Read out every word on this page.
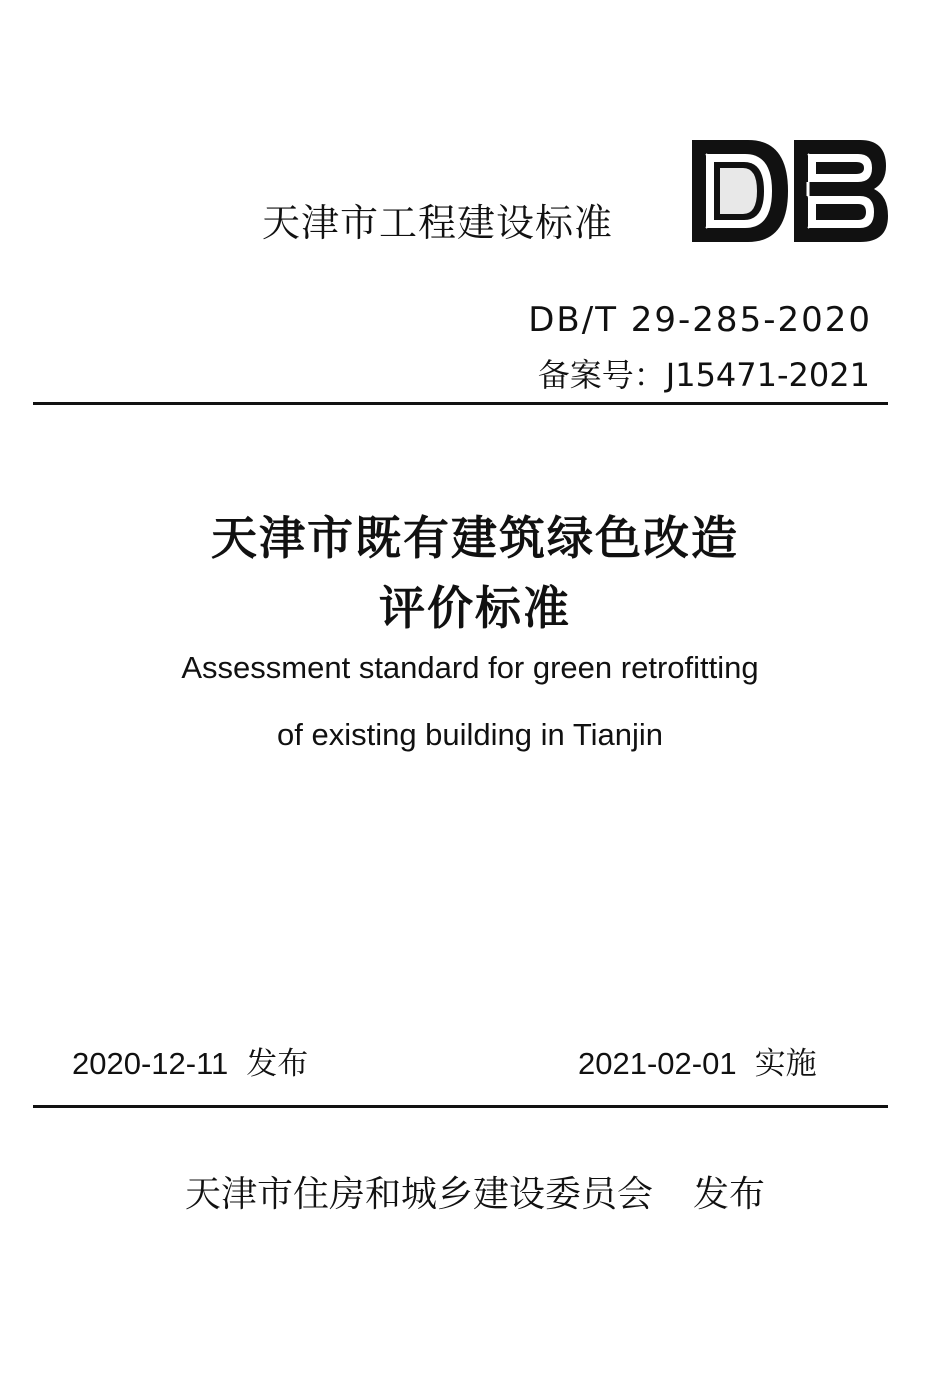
天津市工程建设标准
DB/T 29-285-2020
备案号：J15471-2021
天津市既有建筑绿色改造
评价标准
Assessment standard for green retrofitting
of existing building in Tianjin
2020-12-11 发布	2021-02-01 实施
天津市住房和城乡建设委员会 发布
